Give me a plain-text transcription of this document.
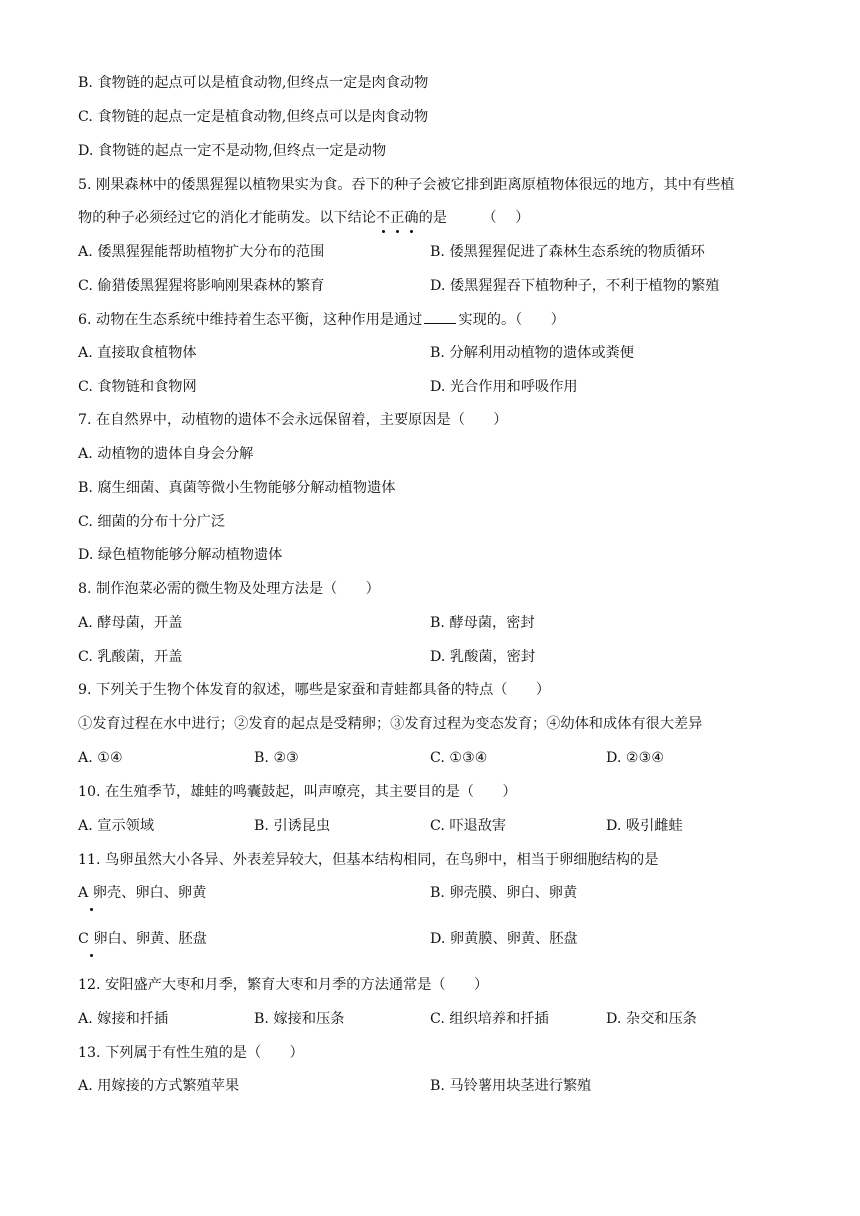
B. 食物链的起点可以是植食动物,但终点一定是肉食动物
C. 食物链的起点一定是植食动物,但终点可以是肉食动物
D. 食物链的起点一定不是动物,但终点一定是动物
5. 刚果森林中的倭黑猩猩以植物果实为食。吞下的种子会被它排到距离原植物体很远的地方，其中有些植
物的种子必须经过它的消化才能萌发。以下结论不正确的是　　　（　 ）
A. 倭黑猩猩能帮助植物扩大分布的范围	B. 倭黑猩猩促进了森林生态系统的物质循环
C. 偷猎倭黑猩猩将影响刚果森林的繁育	D. 倭黑猩猩吞下植物种子，不利于植物的繁殖
6. 动物在生态系统中维持着生态平衡，这种作用是通过	实现的。（　　）
A. 直接取食植物体	B. 分解利用动植物的遗体或粪便
C. 食物链和食物网	D. 光合作用和呼吸作用
7. 在自然界中，动植物的遗体不会永远保留着，主要原因是（　　）
A. 动植物的遗体自身会分解
B. 腐生细菌、真菌等微小生物能够分解动植物遗体
C. 细菌的分布十分广泛
D. 绿色植物能够分解动植物遗体
8. 制作泡菜必需的微生物及处理方法是（　　）
A. 酵母菌，开盖	B. 酵母菌，密封
C. 乳酸菌，开盖	D. 乳酸菌，密封
9. 下列关于生物个体发育的叙述，哪些是家蚕和青蛙都具备的特点（　　）
①发育过程在水中进行；②发育的起点是受精卵；③发育过程为变态发育；④幼体和成体有很大差异
A. ①④	B. ②③	C. ①③④	D. ②③④
10. 在生殖季节，雄蛙的鸣囊鼓起，叫声嘹亮，其主要目的是（　　）
A. 宣示领域	B. 引诱昆虫	C. 吓退敌害	D. 吸引雌蛙
11. 鸟卵虽然大小各异、外表差异较大，但基本结构相同，在鸟卵中，相当于卵细胞结构的是
A 卵壳、卵白、卵黄	B. 卵壳膜、卵白、卵黄
C 卵白、卵黄、胚盘	D. 卵黄膜、卵黄、胚盘
12. 安阳盛产大枣和月季，繁育大枣和月季的方法通常是（　　）
A. 嫁接和扦插	B. 嫁接和压条	C. 组织培养和扦插	D. 杂交和压条
13. 下列属于有性生殖的是（　　）
A. 用嫁接的方式繁殖苹果	B. 马铃薯用块茎进行繁殖
